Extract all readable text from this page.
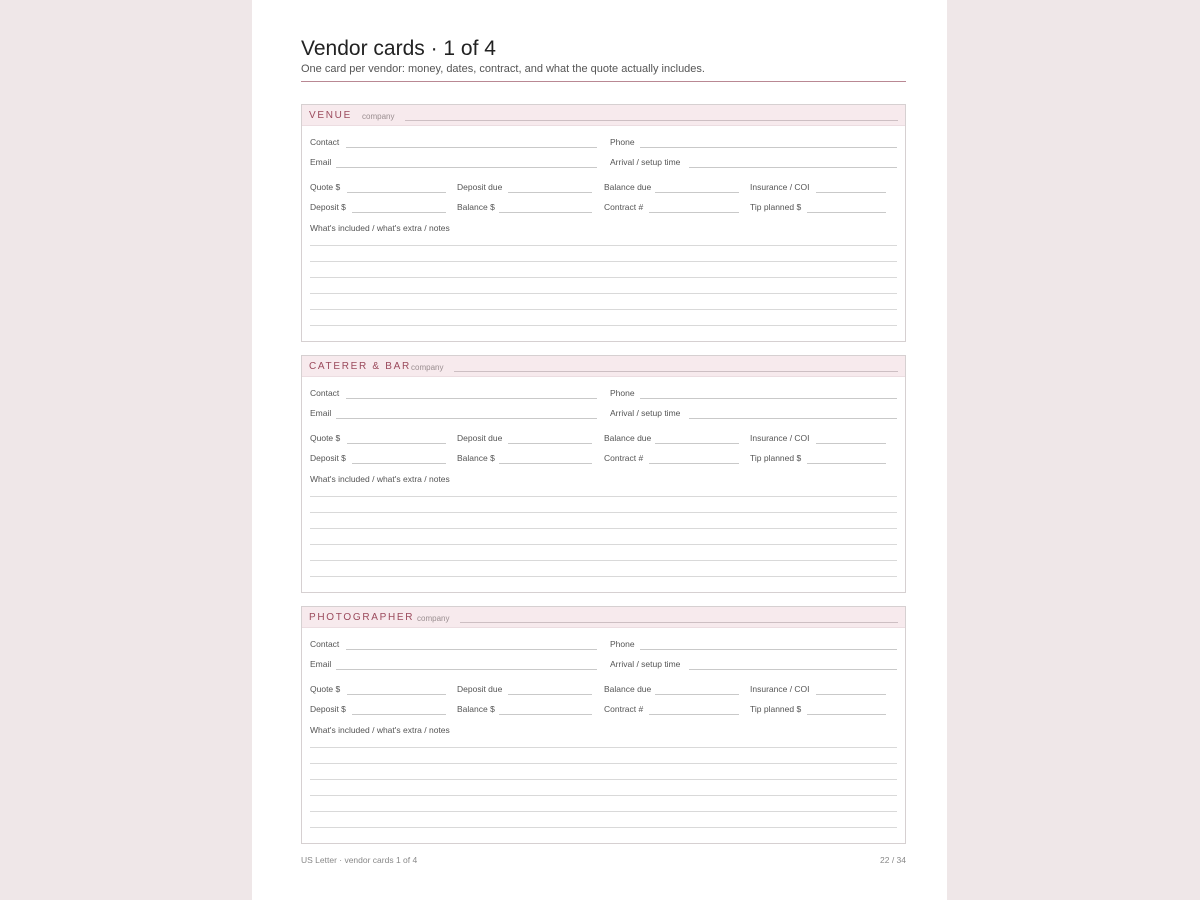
Vendor cards · 1 of 4
One card per vendor: money, dates, contract, and what the quote actually includes.
VENUE company
Contact	Phone
Email	Arrival / setup time
Quote $	Deposit due	Balance due	Insurance / COI
Deposit $	Balance $	Contract #	Tip planned $
What's included / what's extra / notes
CATERER & BAR company
Contact	Phone
Email	Arrival / setup time
Quote $	Deposit due	Balance due	Insurance / COI
Deposit $	Balance $	Contract #	Tip planned $
What's included / what's extra / notes
PHOTOGRAPHER company
Contact	Phone
Email	Arrival / setup time
Quote $	Deposit due	Balance due	Insurance / COI
Deposit $	Balance $	Contract #	Tip planned $
What's included / what's extra / notes
US Letter · vendor cards 1 of 4	22 / 34
